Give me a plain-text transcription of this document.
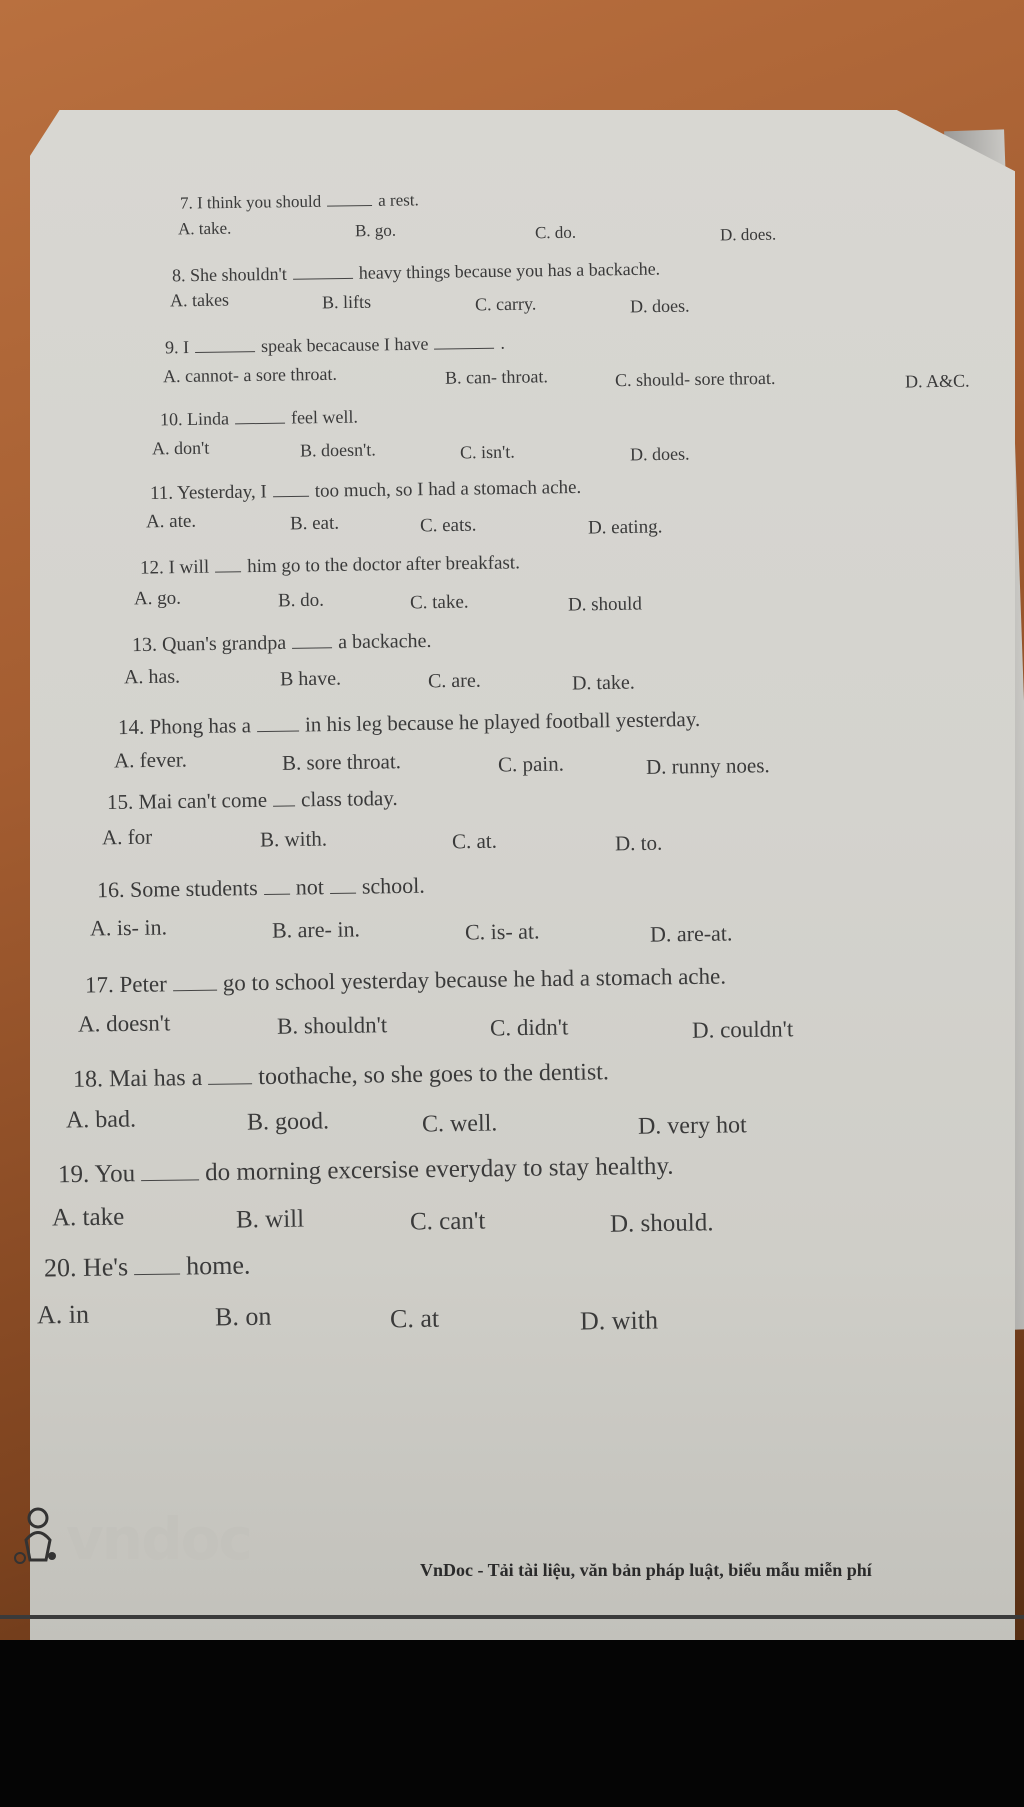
7. I think you should	a rest.
A. take.	B. go.	C. do.	D. does.
8. She shouldn't	heavy things because you has a backache.
A. takes	B. lifts	C. carry.	D. does.
9. I	speak becacause I have	.
A. cannot- a sore throat.	B. can- throat.	C. should- sore throat.	D. A&C.
10. Linda	feel well.
A. don't	B. doesn't.	C. isn't.	D. does.
11. Yesterday, I	too much, so I had a stomach ache.
A. ate.	B. eat.	C. eats.	D. eating.
12. I will him go to the doctor after breakfast.
A. go.	B. do.	C. take.	D. should
13. Quan's grandpa	a backache.
A. has.	B have.	C. are.	D. take.
14. Phong has a	in his leg because he played football yesterday.
A. fever.	B. sore throat.	C. pain.	D. runny noes.
15. Mai can't come class today.
A. for	B. with.	C. at.	D. to.
16. Some students not school.
A. is- in.	B. are- in.	C. is- at.	D. are-at.
17. Peter go to school yesterday because he had a stomach ache.
A. doesn't	B. shouldn't	C. didn't	D. couldn't
18. Mai has a toothache, so she goes to the dentist.
A. bad.	B. good.	C. well.	D. very hot
19. You	do morning excersise everyday to stay healthy.
A. take	B. will	C. can't	D. should.
20. He's home.
A. in	B. on	C. at	D. with
vndoc	VnDoc - Tải tài liệu, văn bản pháp luật, biểu mẫu miễn phí
